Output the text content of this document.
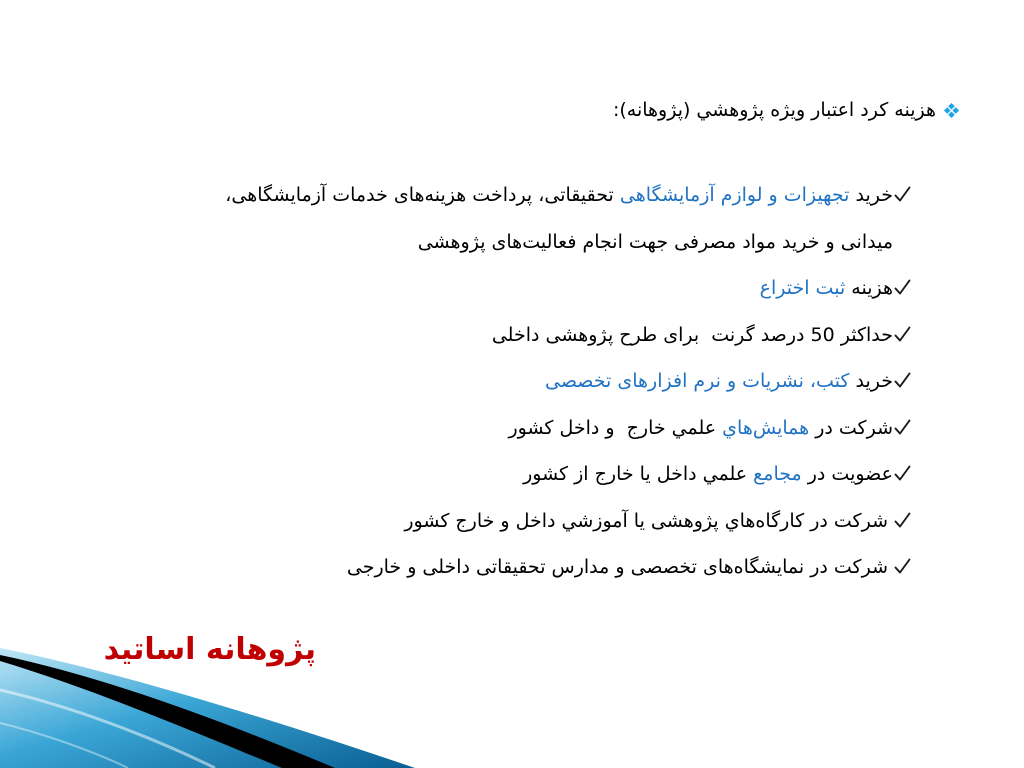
هزینه کرد اعتبار ویژه پژوهشي (پژوهانه):
خرید تجهیزات و لوازم آزمایشگاهی تحقیقاتی، پرداخت هزینه‌های خدمات آزمایشگاهی،
میدانی و خرید مواد مصرفی جهت انجام فعالیت‌های پژوهشی
هزینه ثبت اختراع
حداکثر 50 درصد گرنت  برای طرح پژوهشی داخلی
خرید کتب، نشریات و نرم افزارهای تخصصی
شرکت در همایش‌هاي علمي خارج  و داخل کشور
عضویت در مجامع علمي داخل یا خارج از کشور
شرکت در کارگاه‌هاي پژوهشی یا آموزشي داخل و خارج کشور
شرکت در نمایشگاه‌های تخصصی و مدارس تحقیقاتی داخلی و خارجی
پژوهانه اساتید
